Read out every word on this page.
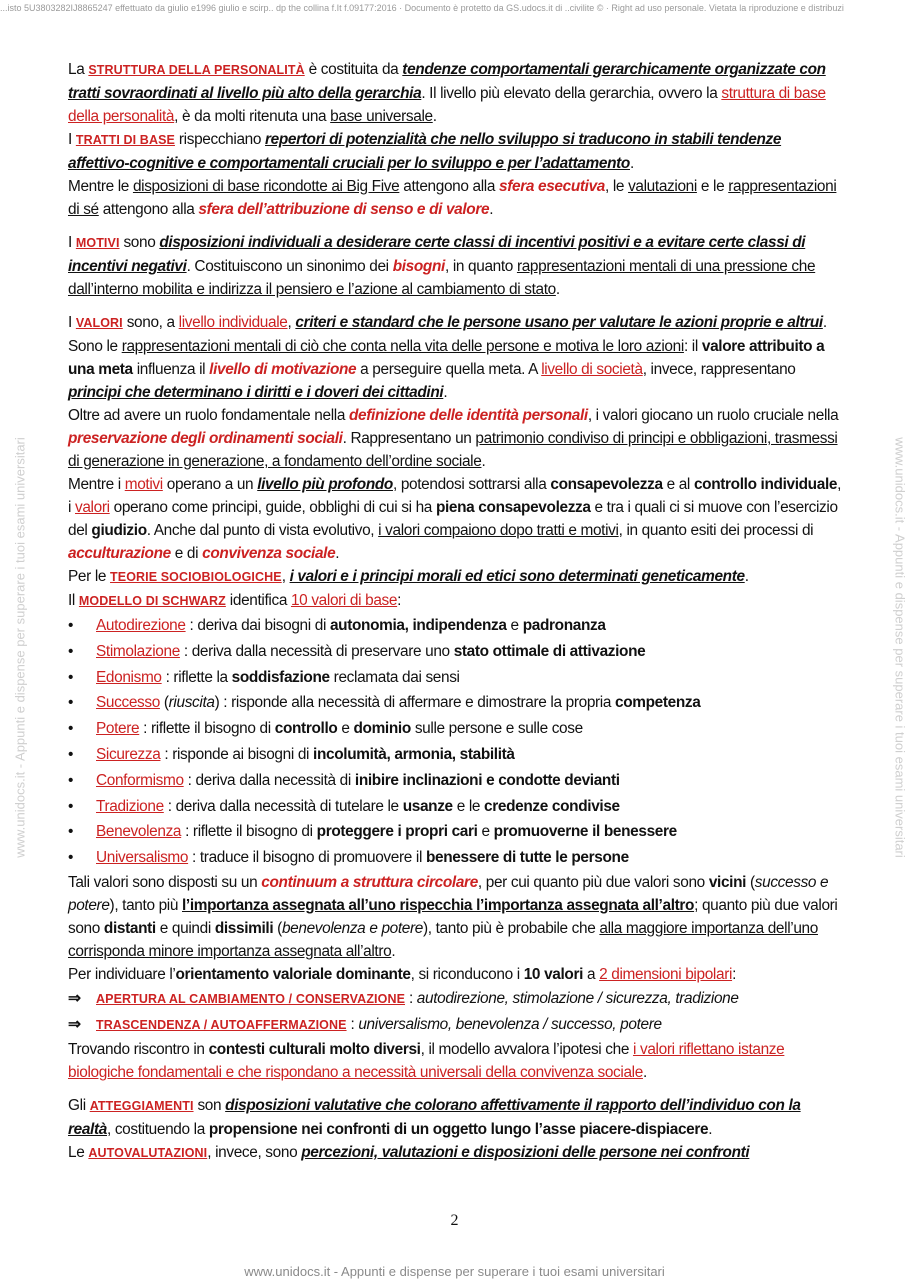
...isto 5U3803282IJ8865247 effettuato da giulio e1996 giulio e scirp.. dp the collina f.It f.09177:2016 · Documento è protetto da GS.udocs.it di ..civilite © · Right ad uso personale. Vietata la riproduzione e distribuzi
www.unidocs.it - Appunti e dispense per superare i tuoi esami universitari	www.unidocs.it - Appunti e dispense per superare i tuoi esami universitari

La STRUTTURA DELLA PERSONALITÀ è costituita da tendenze comportamentali gerarchicamente organizzate con tratti sovraordinati al livello più alto della gerarchia. Il livello più elevato della gerarchia, ovvero la struttura di base della personalità, è da molti ritenuta una base universale.

I TRATTI DI BASE rispecchiano repertori di potenzialità che nello sviluppo si traducono in stabili tendenze affettivo-cognitive e comportamentali cruciali per lo sviluppo e per l’adattamento.
Mentre le disposizioni di base ricondotte ai Big Five attengono alla sfera esecutiva, le valutazioni e le rappresentazioni di sé attengono alla sfera dell’attribuzione di senso e di valore.

I MOTIVI sono disposizioni individuali a desiderare certe classi di incentivi positivi e a evitare certe classi di incentivi negativi. Costituiscono un sinonimo dei bisogni, in quanto rappresentazioni mentali di una pressione che dall’interno mobilita e indirizza il pensiero e l’azione al cambiamento di stato.

I VALORI sono, a livello individuale, criteri e standard che le persone usano per valutare le azioni proprie e altrui. Sono le rappresentazioni mentali di ciò che conta nella vita delle persone e motiva le loro azioni: il valore attribuito a una meta influenza il livello di motivazione a perseguire quella meta. A livello di società, invece, rappresentano principi che determinano i diritti e i doveri dei cittadini.

Oltre ad avere un ruolo fondamentale nella definizione delle identità personali, i valori giocano un ruolo cruciale nella preservazione degli ordinamenti sociali. Rappresentano un patrimonio condiviso di principi e obbligazioni, trasmessi di generazione in generazione, a fondamento dell’ordine sociale.

Mentre i motivi operano a un livello più profondo, potendosi sottrarsi alla consapevolezza e al controllo individuale, i valori operano come principi, guide, obblighi di cui si ha piena consapevolezza e tra i quali ci si muove con l’esercizio del giudizio. Anche dal punto di vista evolutivo, i valori compaiono dopo tratti e motivi, in quanto esiti dei processi di acculturazione e di convivenza sociale.

Per le TEORIE SOCIOBIOLOGICHE, i valori e i principi morali ed etici sono determinati geneticamente.

Il MODELLO DI SCHWARZ identifica 10 valori di base:

• Autodirezione : deriva dai bisogni di autonomia, indipendenza e padronanza
• Stimolazione : deriva dalla necessità di preservare uno stato ottimale di attivazione
• Edonismo : riflette la soddisfazione reclamata dai sensi
• Successo (riuscita) : risponde alla necessità di affermare e dimostrare la propria competenza
• Potere : riflette il bisogno di controllo e dominio sulle persone e sulle cose
• Sicurezza : risponde ai bisogni di incolumità, armonia, stabilità
• Conformismo : deriva dalla necessità di inibire inclinazioni e condotte devianti
• Tradizione : deriva dalla necessità di tutelare le usanze e le credenze condivise
• Benevolenza : riflette il bisogno di proteggere i propri cari e promuoverne il benessere
• Universalismo : traduce il bisogno di promuovere il benessere di tutte le persone

Tali valori sono disposti su un continuum a struttura circolare, per cui quanto più due valori sono vicini (successo e potere), tanto più l’importanza assegnata all’uno rispecchia l’importanza assegnata all’altro; quanto più due valori sono distanti e quindi dissimili (benevolenza e potere), tanto più è probabile che alla maggiore importanza dell’uno corrisponda minore importanza assegnata all’altro.

Per individuare l’orientamento valoriale dominante, si riconducono i 10 valori a 2 dimensioni bipolari:

⇒ APERTURA AL CAMBIAMENTO / CONSERVAZIONE : autodirezione, stimolazione / sicurezza, tradizione

⇒ TRASCENDENZA / AUTOAFFERMAZIONE : universalismo, benevolenza / successo, potere

Trovando riscontro in contesti culturali molto diversi, il modello avvalora l’ipotesi che i valori riflettano istanze biologiche fondamentali e che rispondano a necessità universali della convivenza sociale.

Gli ATTEGGIAMENTI son disposizioni valutative che colorano affettivamente il rapporto dell’individuo con la realtà, costituendo la propensione nei confronti di un oggetto lungo l’asse piacere-dispiacere.
Le AUTOVALUTAZIONI, invece, sono percezioni, valutazioni e disposizioni delle persone nei confronti

2
www.unidocs.it - Appunti e dispense per superare i tuoi esami universitari
